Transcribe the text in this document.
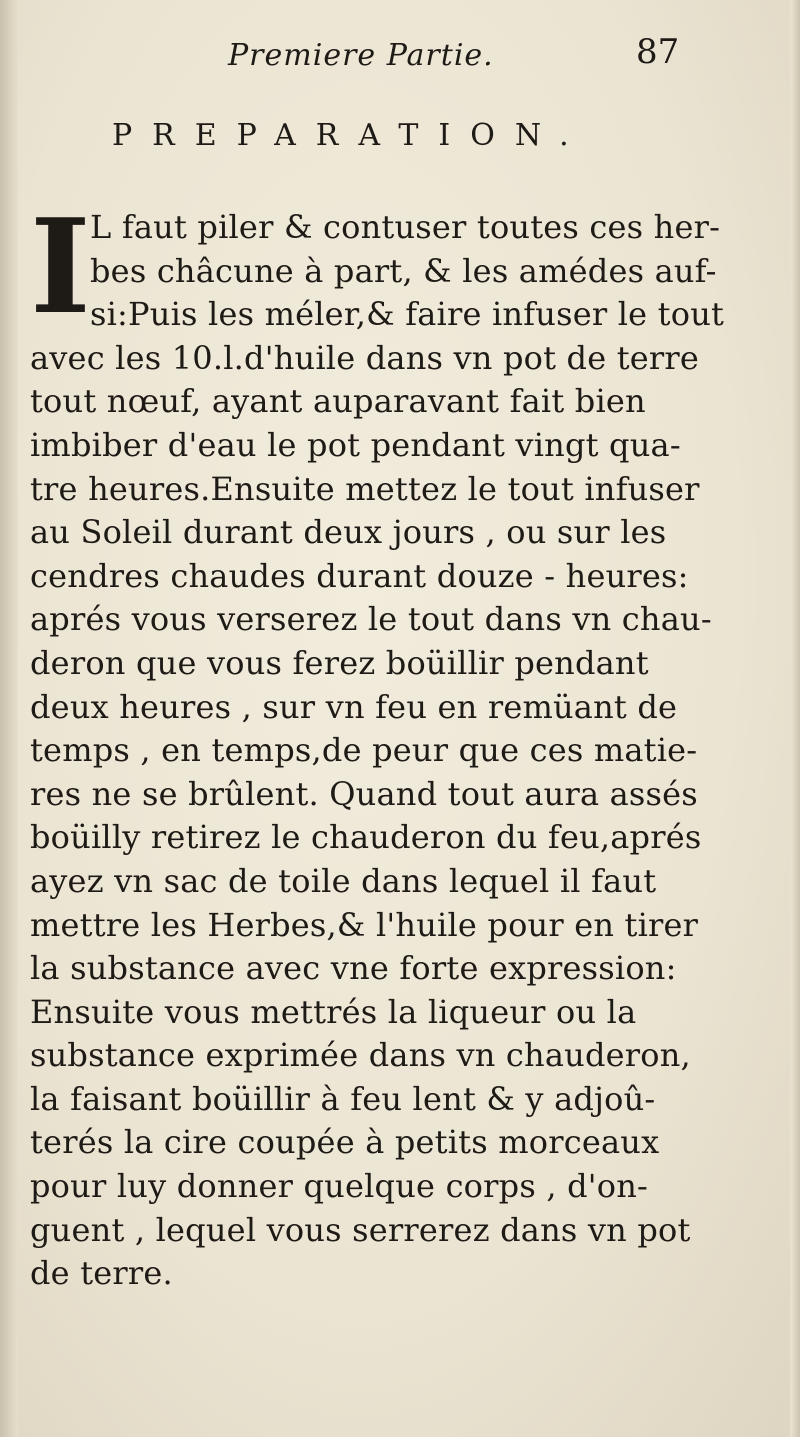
Premiere Partie.	87
PREPARATION.
I L faut piler & contuser toutes ces her-
bes châcune à part, & les amédes auf-
si:Puis les méler,& faire infuser le tout
avec les 10.l.d'huile dans vn pot de terre
tout nœuf, ayant auparavant fait bien
imbiber d'eau le pot pendant vingt qua-
tre heures.Ensuite mettez le tout infuser
au Soleil durant deux jours , ou sur les
cendres chaudes durant douze - heures:
aprés vous verserez le tout dans vn chau-
deron que vous ferez boüillir pendant
deux heures , sur vn feu en remüant de
temps , en temps,de peur que ces matie-
res ne se brûlent. Quand tout aura assés
boüilly retirez le chauderon du feu,aprés
ayez vn sac de toile dans lequel il faut
mettre les Herbes,& l'huile pour en tirer
la substance avec vne forte expression:
Ensuite vous mettrés la liqueur ou la
substance exprimée dans vn chauderon,
la faisant boüillir à feu lent & y adjoû-
terés la cire coupée à petits morceaux
pour luy donner quelque corps , d'on-
guent , lequel vous serrerez dans vn pot
de terre.
